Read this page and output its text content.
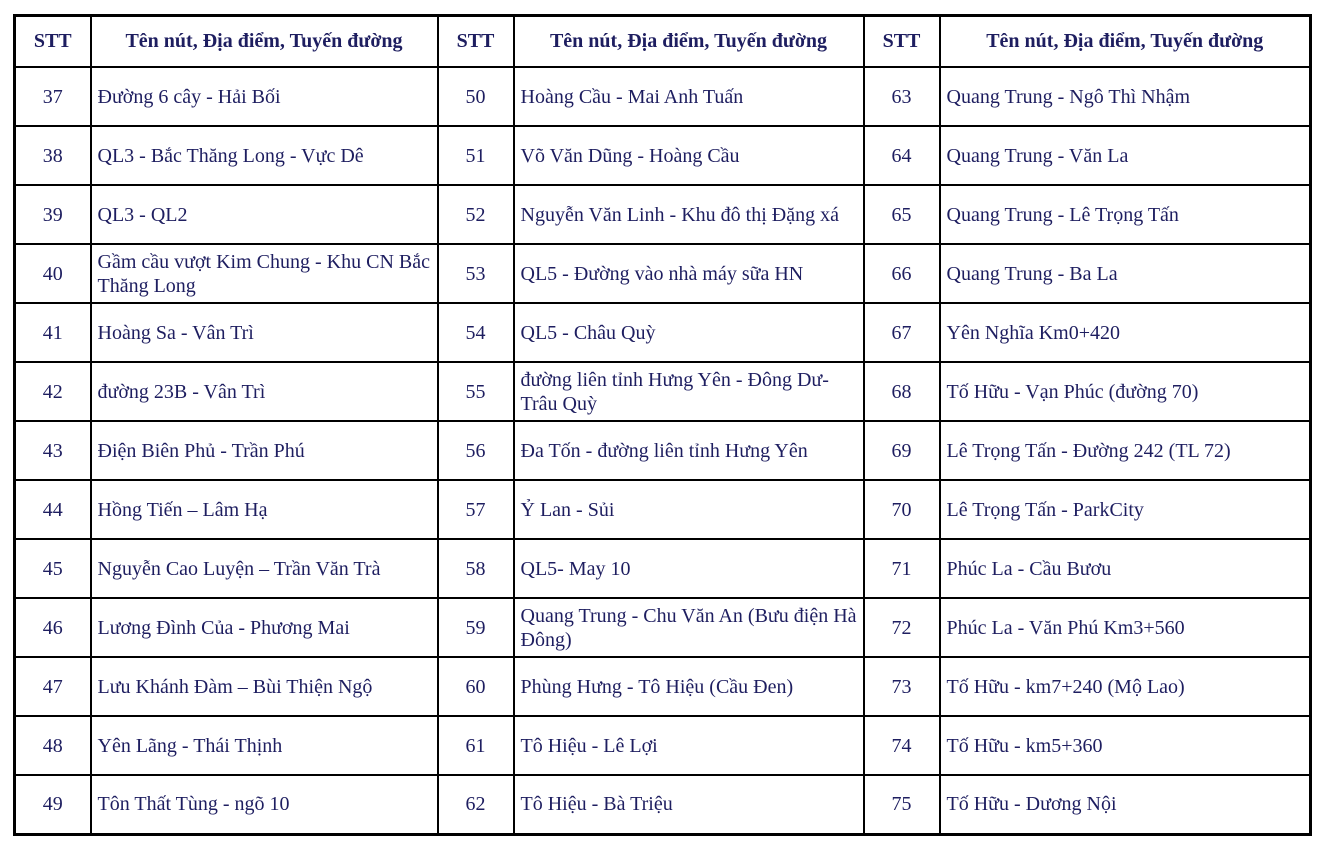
STT	Tên nút, Địa điểm, Tuyến đường	STT	Tên nút, Địa điểm, Tuyến đường	STT	Tên nút, Địa điểm, Tuyến đường
37	Đường 6 cây - Hải Bối	50	Hoàng Cầu - Mai Anh Tuấn	63	Quang Trung - Ngô Thì Nhậm
38	QL3 - Bắc Thăng Long - Vực Dê	51	Võ Văn Dũng - Hoàng Cầu	64	Quang Trung - Văn La
39	QL3 - QL2	52	Nguyễn Văn Linh - Khu đô thị Đặng xá	65	Quang Trung - Lê Trọng Tấn
40	Gầm cầu vượt Kim Chung - Khu CN Bắc Thăng Long	53	QL5 - Đường vào nhà máy sữa HN	66	Quang Trung - Ba La
41	Hoàng Sa - Vân Trì	54	QL5 - Châu Quỳ	67	Yên Nghĩa Km0+420
42	đường 23B - Vân Trì	55	đường liên tỉnh Hưng Yên - Đông Dư- Trâu Quỳ	68	Tố Hữu - Vạn Phúc (đường 70)
43	Điện Biên Phủ - Trần Phú	56	Đa Tốn - đường liên tỉnh Hưng Yên	69	Lê Trọng Tấn - Đường 242 (TL 72)
44	Hồng Tiến – Lâm Hạ	57	Ỷ Lan - Sủi	70	Lê Trọng Tấn - ParkCity
45	Nguyễn Cao Luyện – Trần Văn Trà	58	QL5- May 10	71	Phúc La - Cầu Bươu
46	Lương Đình Của - Phương Mai	59	Quang Trung - Chu Văn An (Bưu điện Hà Đông)	72	Phúc La - Văn Phú Km3+560
47	Lưu Khánh Đàm – Bùi Thiện Ngộ	60	Phùng Hưng - Tô Hiệu (Cầu Đen)	73	Tố Hữu - km7+240 (Mộ Lao)
48	Yên Lãng - Thái Thịnh	61	Tô Hiệu - Lê Lợi	74	Tố Hữu - km5+360
49	Tôn Thất Tùng - ngõ 10	62	Tô Hiệu - Bà Triệu	75	Tố Hữu - Dương Nội
